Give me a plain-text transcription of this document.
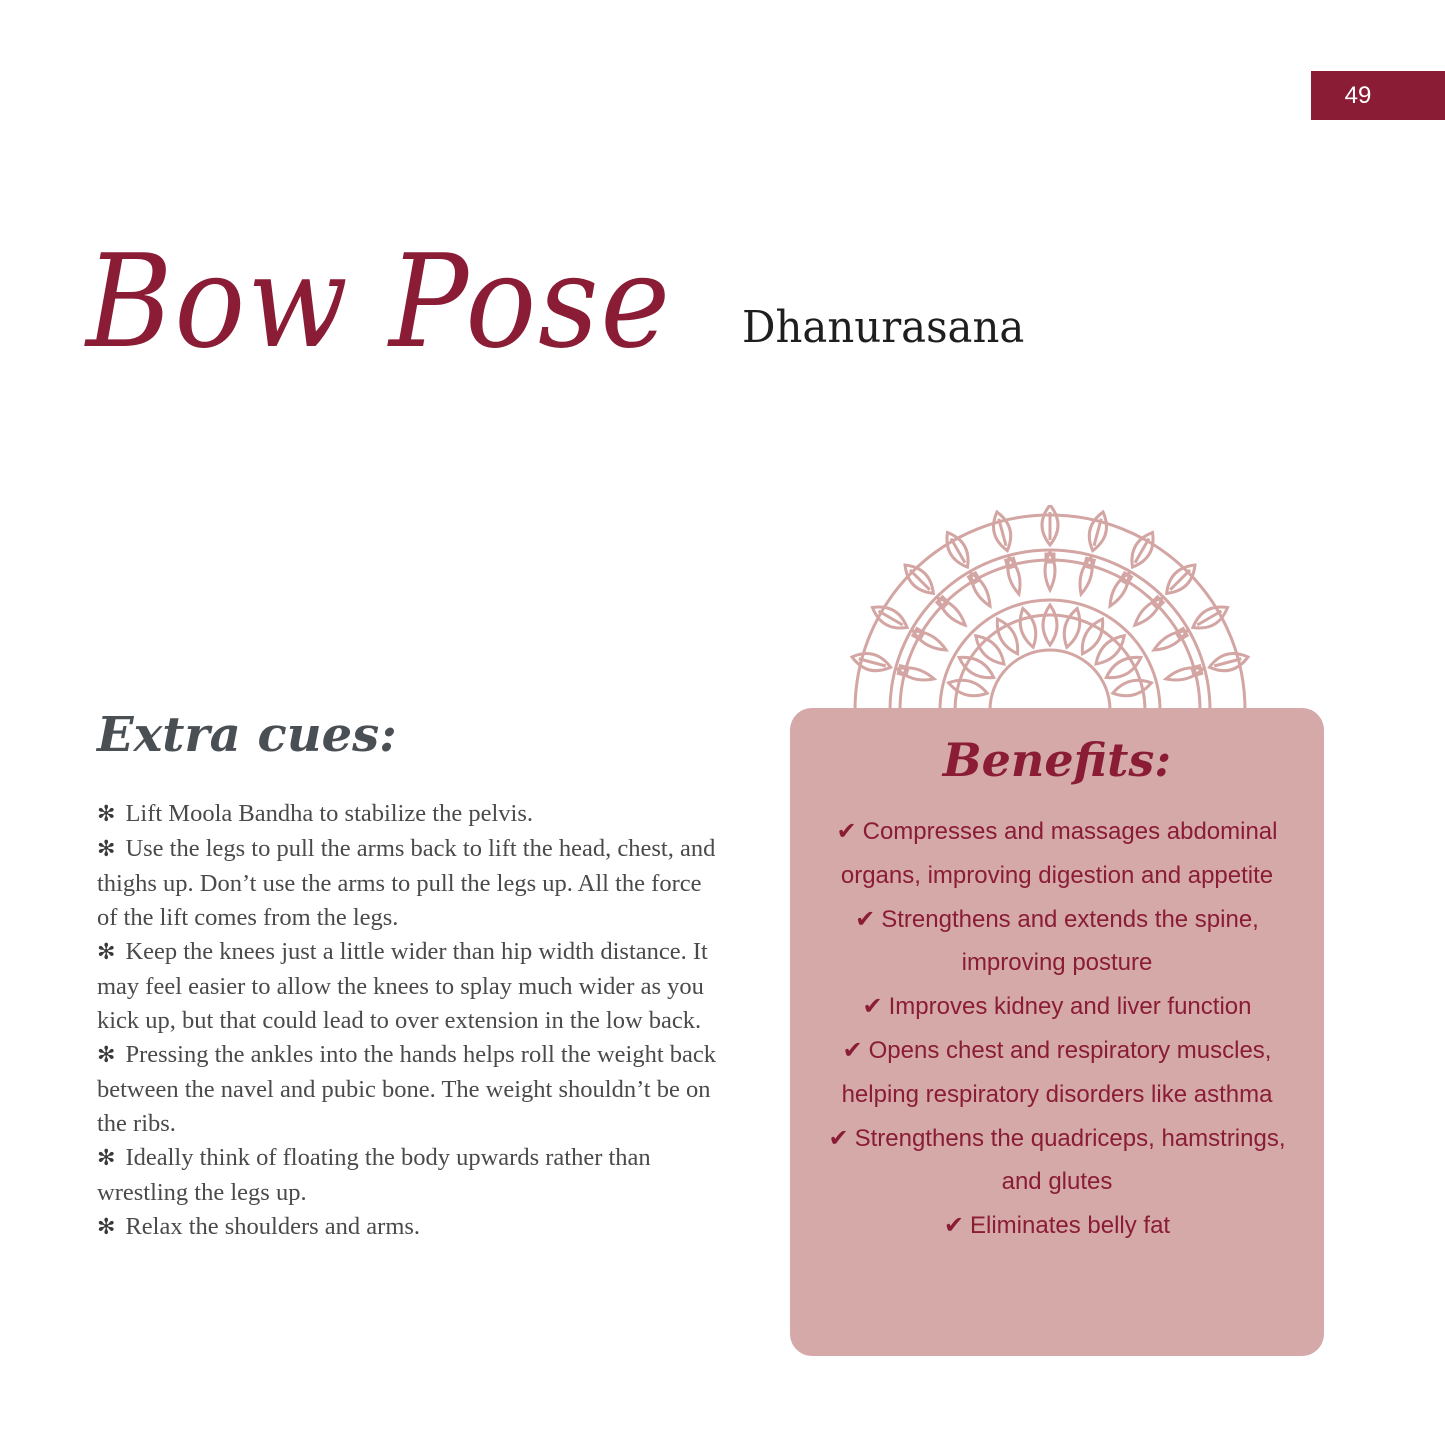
49
Bow Pose Dhanurasana
Extra cues:
✻ Lift Moola Bandha to stabilize the pelvis.
✻ Use the legs to pull the arms back to lift the head, chest, and thighs up. Don’t use the arms to pull the legs up. All the force of the lift comes from the legs.
✻ Keep the knees just a little wider than hip width distance. It may feel easier to allow the knees to splay much wider as you kick up, but that could lead to over extension in the low back.
✻ Pressing the ankles into the hands helps roll the weight back between the navel and pubic bone. The weight shouldn’t be on the ribs.
✻ Ideally think of floating the body upwards rather than wrestling the legs up.
✻ Relax the shoulders and arms.
Benefits:
✔ Compresses and massages abdominal organs, improving digestion and appetite
✔ Strengthens and extends the spine, improving posture
✔ Improves kidney and liver function
✔ Opens chest and respiratory muscles, helping respiratory disorders like asthma
✔ Strengthens the quadriceps, hamstrings, and glutes
✔ Eliminates belly fat
